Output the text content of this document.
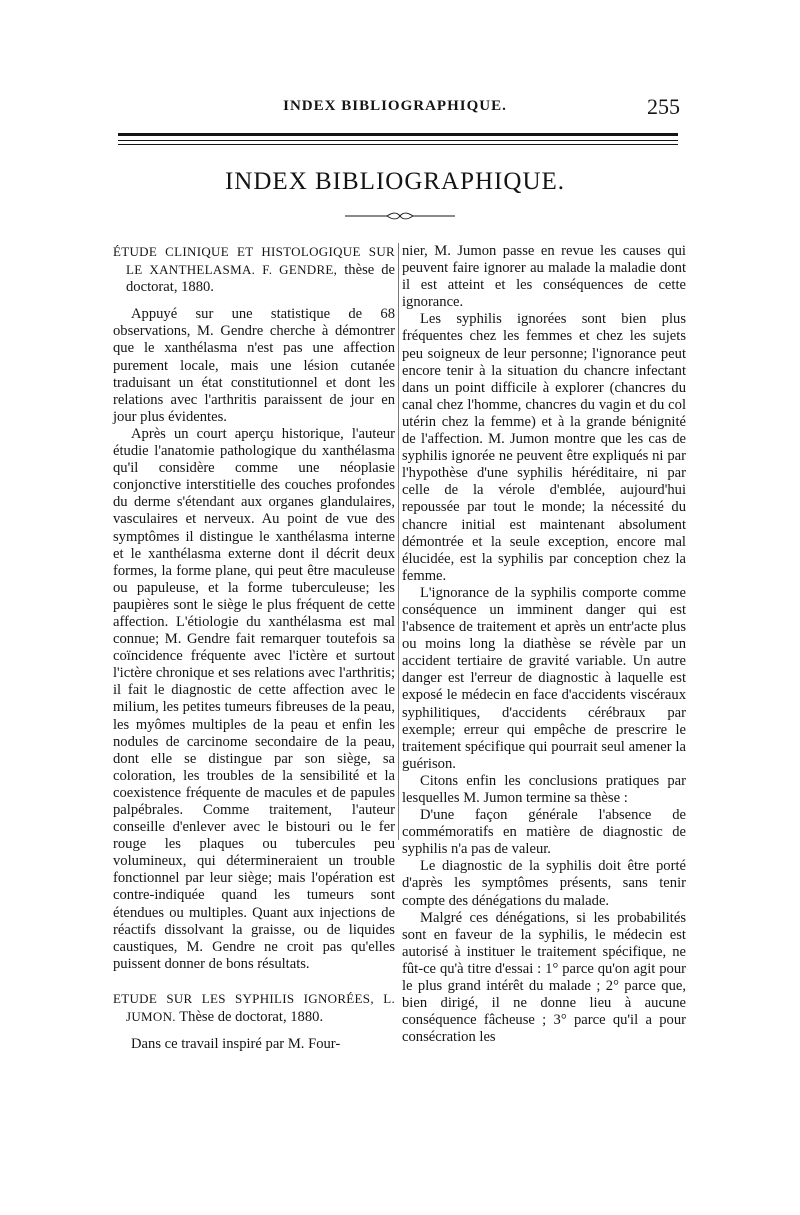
INDEX BIBLIOGRAPHIQUE.	255
INDEX BIBLIOGRAPHIQUE.

ÉTUDE CLINIQUE ET HISTOLOGIQUE SUR LE XANTHELASMA. F. GENDRE, thèse de doctorat, 1880.

Appuyé sur une statistique de 68 observations, M. Gendre cherche à démontrer que le xanthélasma n'est pas une affection purement locale, mais une lésion cutanée traduisant un état constitutionnel et dont les relations avec l'arthritis paraissent de jour en jour plus évidentes.

Après un court aperçu historique, l'auteur étudie l'anatomie pathologique du xanthélasma qu'il considère comme une néoplasie conjonctive interstitielle des couches profondes du derme s'étendant aux organes glandulaires, vasculaires et nerveux. Au point de vue des symptômes il distingue le xanthélasma interne et le xanthélasma externe dont il décrit deux formes, la forme plane, qui peut être maculeuse ou papuleuse, et la forme tuberculeuse; les paupières sont le siège le plus fréquent de cette affection. L'étiologie du xanthélasma est mal connue; M. Gendre fait remarquer toutefois sa coïncidence fréquente avec l'ictère et surtout l'ictère chronique et ses relations avec l'arthritis; il fait le diagnostic de cette affection avec le milium, les petites tumeurs fibreuses de la peau, les myômes multiples de la peau et enfin les nodules de carcinome secondaire de la peau, dont elle se distingue par son siège, sa coloration, les troubles de la sensibilité et la coexistence fréquente de macules et de papules palpébrales. Comme traitement, l'auteur conseille d'enlever avec le bistouri ou le fer rouge les plaques ou tubercules peu volumineux, qui détermineraient un trouble fonctionnel par leur siège; mais l'opération est contre-indiquée quand les tumeurs sont étendues ou multiples. Quant aux injections de réactifs dissolvant la graisse, ou de liquides caustiques, M. Gendre ne croit pas qu'elles puissent donner de bons résultats.

ETUDE SUR LES SYPHILIS IGNORÉES, L. JUMON. Thèse de doctorat, 1880.

Dans ce travail inspiré par M. Four-

nier, M. Jumon passe en revue les causes qui peuvent faire ignorer au malade la maladie dont il est atteint et les conséquences de cette ignorance.

Les syphilis ignorées sont bien plus fréquentes chez les femmes et chez les sujets peu soigneux de leur personne; l'ignorance peut encore tenir à la situation du chancre infectant dans un point difficile à explorer (chancres du canal chez l'homme, chancres du vagin et du col utérin chez la femme) et à la grande bénignité de l'affection. M. Jumon montre que les cas de syphilis ignorée ne peuvent être expliqués ni par l'hypothèse d'une syphilis héréditaire, ni par celle de la vérole d'emblée, aujourd'hui repoussée par tout le monde; la nécessité du chancre initial est maintenant absolument démontrée et la seule exception, encore mal élucidée, est la syphilis par conception chez la femme.

L'ignorance de la syphilis comporte comme conséquence un imminent danger qui est l'absence de traitement et après un entr'acte plus ou moins long la diathèse se révèle par un accident tertiaire de gravité variable. Un autre danger est l'erreur de diagnostic à laquelle est exposé le médecin en face d'accidents viscéraux syphilitiques, d'accidents cérébraux par exemple; erreur qui empêche de prescrire le traitement spécifique qui pourrait seul amener la guérison.

Citons enfin les conclusions pratiques par lesquelles M. Jumon termine sa thèse :

D'une façon générale l'absence de commémoratifs en matière de diagnostic de syphilis n'a pas de valeur.

Le diagnostic de la syphilis doit être porté d'après les symptômes présents, sans tenir compte des dénégations du malade.

Malgré ces dénégations, si les probabilités sont en faveur de la syphilis, le médecin est autorisé à instituer le traitement spécifique, ne fût-ce qu'à titre d'essai : 1° parce qu'on agit pour le plus grand intérêt du malade ; 2° parce que, bien dirigé, il ne donne lieu à aucune conséquence fâcheuse ; 3° parce qu'il a pour consécration les
